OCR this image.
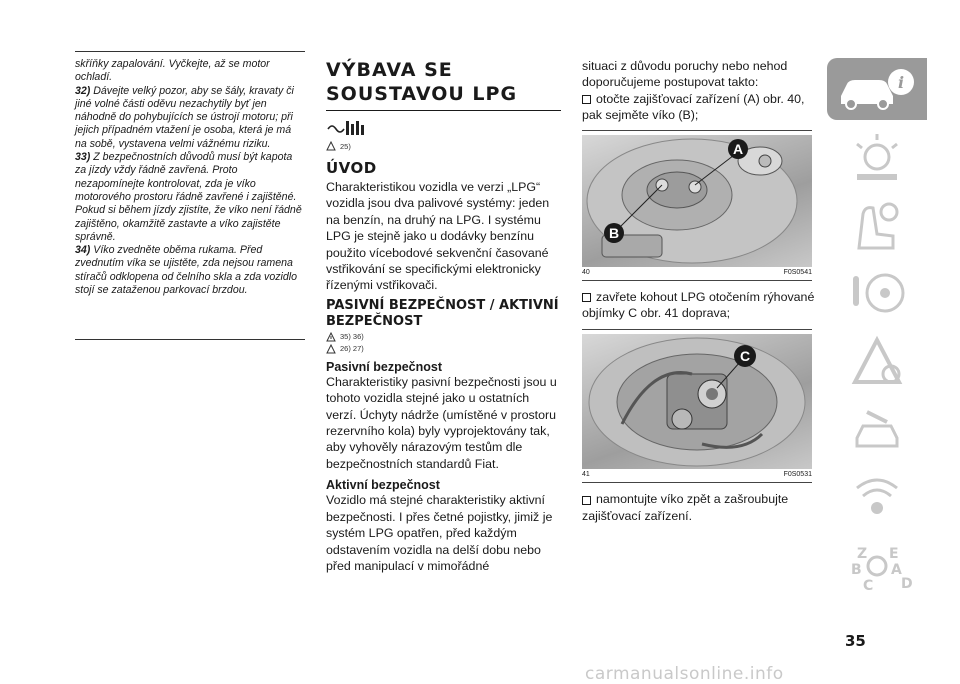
skříňky zapalování. Vyčkejte, až se motor ochladí.

32) Dávejte velký pozor, aby se šály, kravaty či jiné volné části oděvu nezachytily byť jen náhodně do pohybujících se ústrojí motoru; při jejich případném vtažení je osoba, která je má na sobě, vystavena velmi vážnému riziku.

33) Z bezpečnostních důvodů musí být kapota za jízdy vždy řádně zavřená. Proto nezapomínejte kontrolovat, zda je víko motorového prostoru řádně zavřené i zajištěné. Pokud si během jízdy zjistíte, že víko není řádně zajištěno, okamžitě zastavte a víko zajistěte správně.

34) Víko zvedněte oběma rukama. Před zvednutím víka se ujistěte, zda nejsou ramena stíračů odklopena od čelního skla a zda vozidlo stojí se zataženou parkovací brzdou.

VÝBAVA SE
SOUSTAVOU LPG
25)
ÚVOD

Charakteristikou vozidla ve verzi „LPG“ vozidla jsou dva palivové systémy: jeden na benzín, na druhý na LPG. I systému LPG je stejně jako u dodávky benzínu použito vícebodové sekvenční časované vstřikování se specifickými elektronicky řízenými vstřikovači.

PASIVNÍ BEZPEČNOST / AKTIVNÍ BEZPEČNOST
35) 36)
26) 27)
Pasivní bezpečnost

Charakteristiky pasivní bezpečnosti jsou u tohoto vozidla stejné jako u ostatních verzí. Úchyty nádrže (umístěné v prostoru rezervního kola) byly vyprojektovány tak, aby vyhověly nárazovým testům dle bezpečnostních standardů Fiat.

Aktivní bezpečnost

Vozidlo má stejné charakteristiky aktivní bezpečnosti. I přes četné pojistky, jimiž je systém LPG opatřen, před každým odstavením vozidla na delší dobu nebo před manipulací v mimořádné

situaci z důvodu poruchy nebo nehod doporučujeme postupovat takto:

otočte zajišťovací zařízení (A) obr. 40, pak sejměte víko (B);

A
B
40	F0S0541

zavřete kohout LPG otočením rýhované objímky C obr. 41 doprava;

C
41	F0S0531

namontujte víko zpět a zašroubujte zajišťovací zařízení.

i
Z E
B A
C D
35
carmanualsonline.info
